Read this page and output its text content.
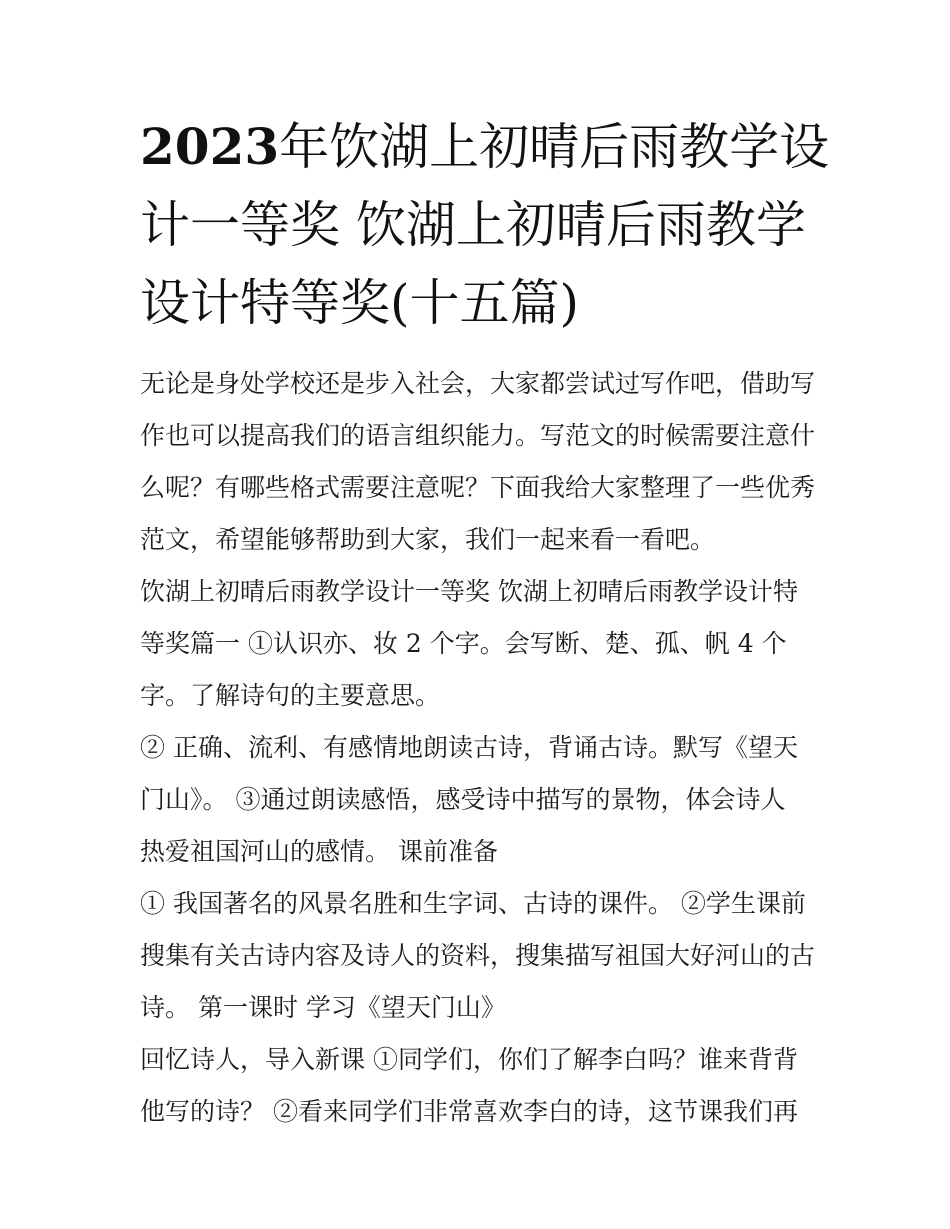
2023年饮湖上初晴后雨教学设
计一等奖 饮湖上初晴后雨教学
设计特等奖(十五篇)
无论是身处学校还是步入社会，大家都尝试过写作吧，借助写
作也可以提高我们的语言组织能力。写范文的时候需要注意什
么呢？有哪些格式需要注意呢？下面我给大家整理了一些优秀
范文，希望能够帮助到大家，我们一起来看一看吧。
饮湖上初晴后雨教学设计一等奖 饮湖上初晴后雨教学设计特
等奖篇一 ①认识亦、妆 2 个字。会写断、楚、孤、帆 4 个
字。了解诗句的主要意思。
② 正确、流利、有感情地朗读古诗，背诵古诗。默写《望天
门山》。 ③通过朗读感悟，感受诗中描写的景物，体会诗人
热爱祖国河山的感情。 课前准备
① 我国著名的风景名胜和生字词、古诗的课件。 ②学生课前
搜集有关古诗内容及诗人的资料，搜集描写祖国大好河山的古
诗。 第一课时 学习《望天门山》
回忆诗人，导入新课 ①同学们，你们了解李白吗？谁来背背
他写的诗？ ②看来同学们非常喜欢李白的诗，这节课我们再
